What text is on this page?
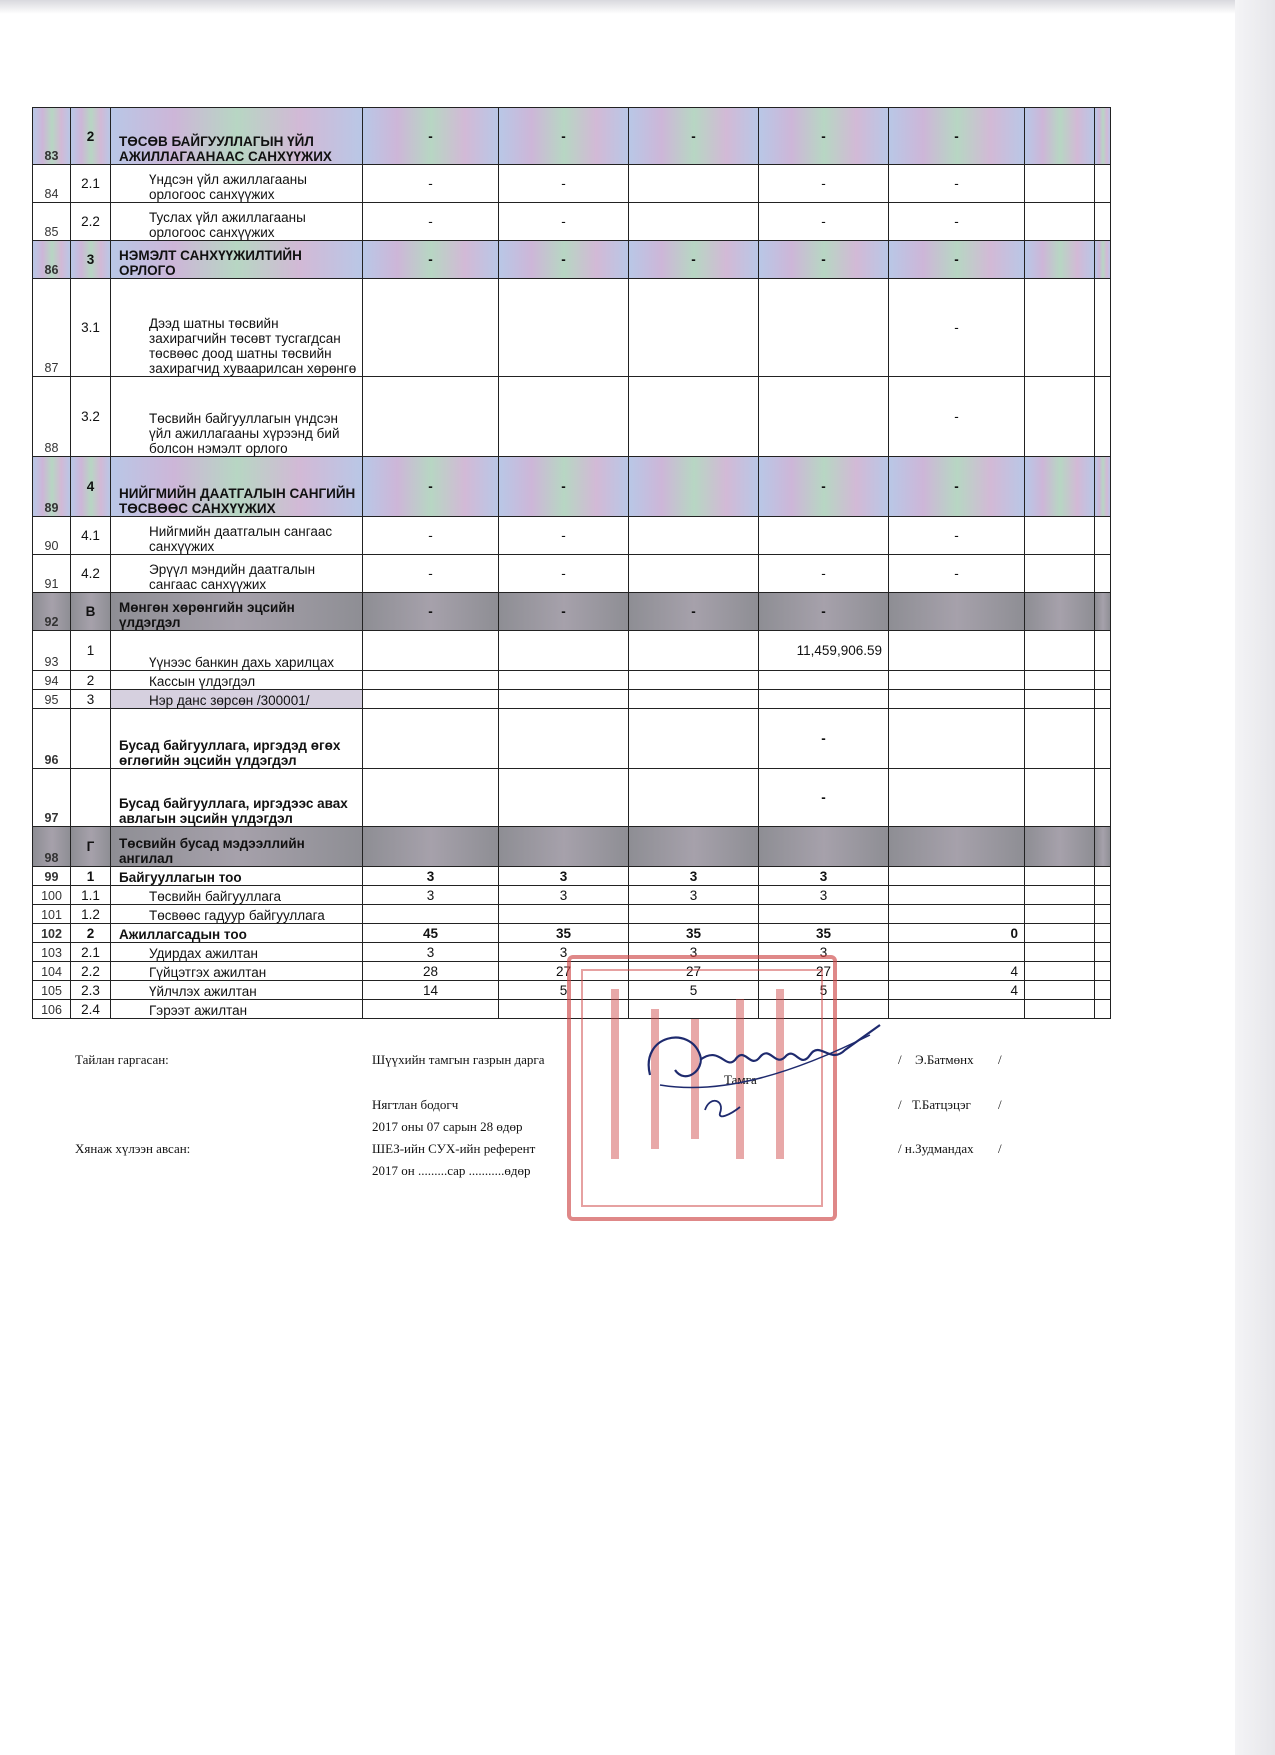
83	2	ТӨСӨВ БАЙГУУЛЛАГЫН ҮЙЛ АЖИЛЛАГААНААС САНХҮҮЖИХ	-	-	-	-	-		
84	2.1	Үндсэн үйл ажиллагааны орлогоос санхүүжих	-	-		-	-		
85	2.2	Туслах үйл ажиллагааны орлогоос санхүүжих	-	-		-	-		
86	3	НЭМЭЛТ САНХҮҮЖИЛТИЙН ОРЛОГО	-	-	-	-	-		
87	3.1	Дээд шатны төсвийн захирагчийн төсөвт тусгагдсан төсвөөс доод шатны төсвийн захирагчид хуваарилсан хөрөнгө					-		
88	3.2	Төсвийн байгууллагын үндсэн үйл ажиллагааны хүрээнд бий болсон нэмэлт орлого					-		
89	4	НИЙГМИЙН ДААТГАЛЫН САНГИЙН ТӨСВӨӨС САНХҮҮЖИХ	-	-		-	-		
90	4.1	Нийгмийн даатгалын сангаас санхүүжих	-	-			-		
91	4.2	Эрүүл мэндийн даатгалын сангаас санхүүжих	-	-		-	-		
92	В	Мөнгөн хөрөнгийн эцсийн үлдэгдэл	-	-	-	-			
93	1	Үүнээс банкин дахь харилцах				11,459,906.59			
94	2	Кассын үлдэгдэл							
95	3	Нэр данс зөрсөн /300001/							
96		Бусад байгууллага, иргэдэд өгөх өглөгийн эцсийн үлдэгдэл				-			
97		Бусад байгууллага, иргэдээс авах авлагын эцсийн үлдэгдэл				-			
98	Г	Төсвийн бусад мэдээллийн ангилал							
99	1	Байгууллагын тоо	3	3	3	3			
100	1.1	Төсвийн байгууллага	3	3	3	3			
101	1.2	Төсвөөс гадуур байгууллага							
102	2	Ажиллагсадын тоо	45	35	35	35	0		
103	2.1	Удирдах ажилтан	3	3	3	3			
104	2.2	Гүйцэтгэх ажилтан	28	27	27	27	4		
105	2.3	Үйлчлэх ажилтан	14	5	5	5	4		
106	2.4	Гэрээт ажилтан							
Тайлан гаргасан:	Шүүхийн тамгын газрын дарга	/ Э.Батмөнх /
Нягтлан бодогч	/ Т.Батцэцэг /
2017 оны 07 сарын 28 өдөр
Хянаж хүлээн авсан:	ШЕЗ-ийн СУХ-ийн референт	/ н.Зудмандах /
2017 он .........сар ...........өдөр
Тамга
